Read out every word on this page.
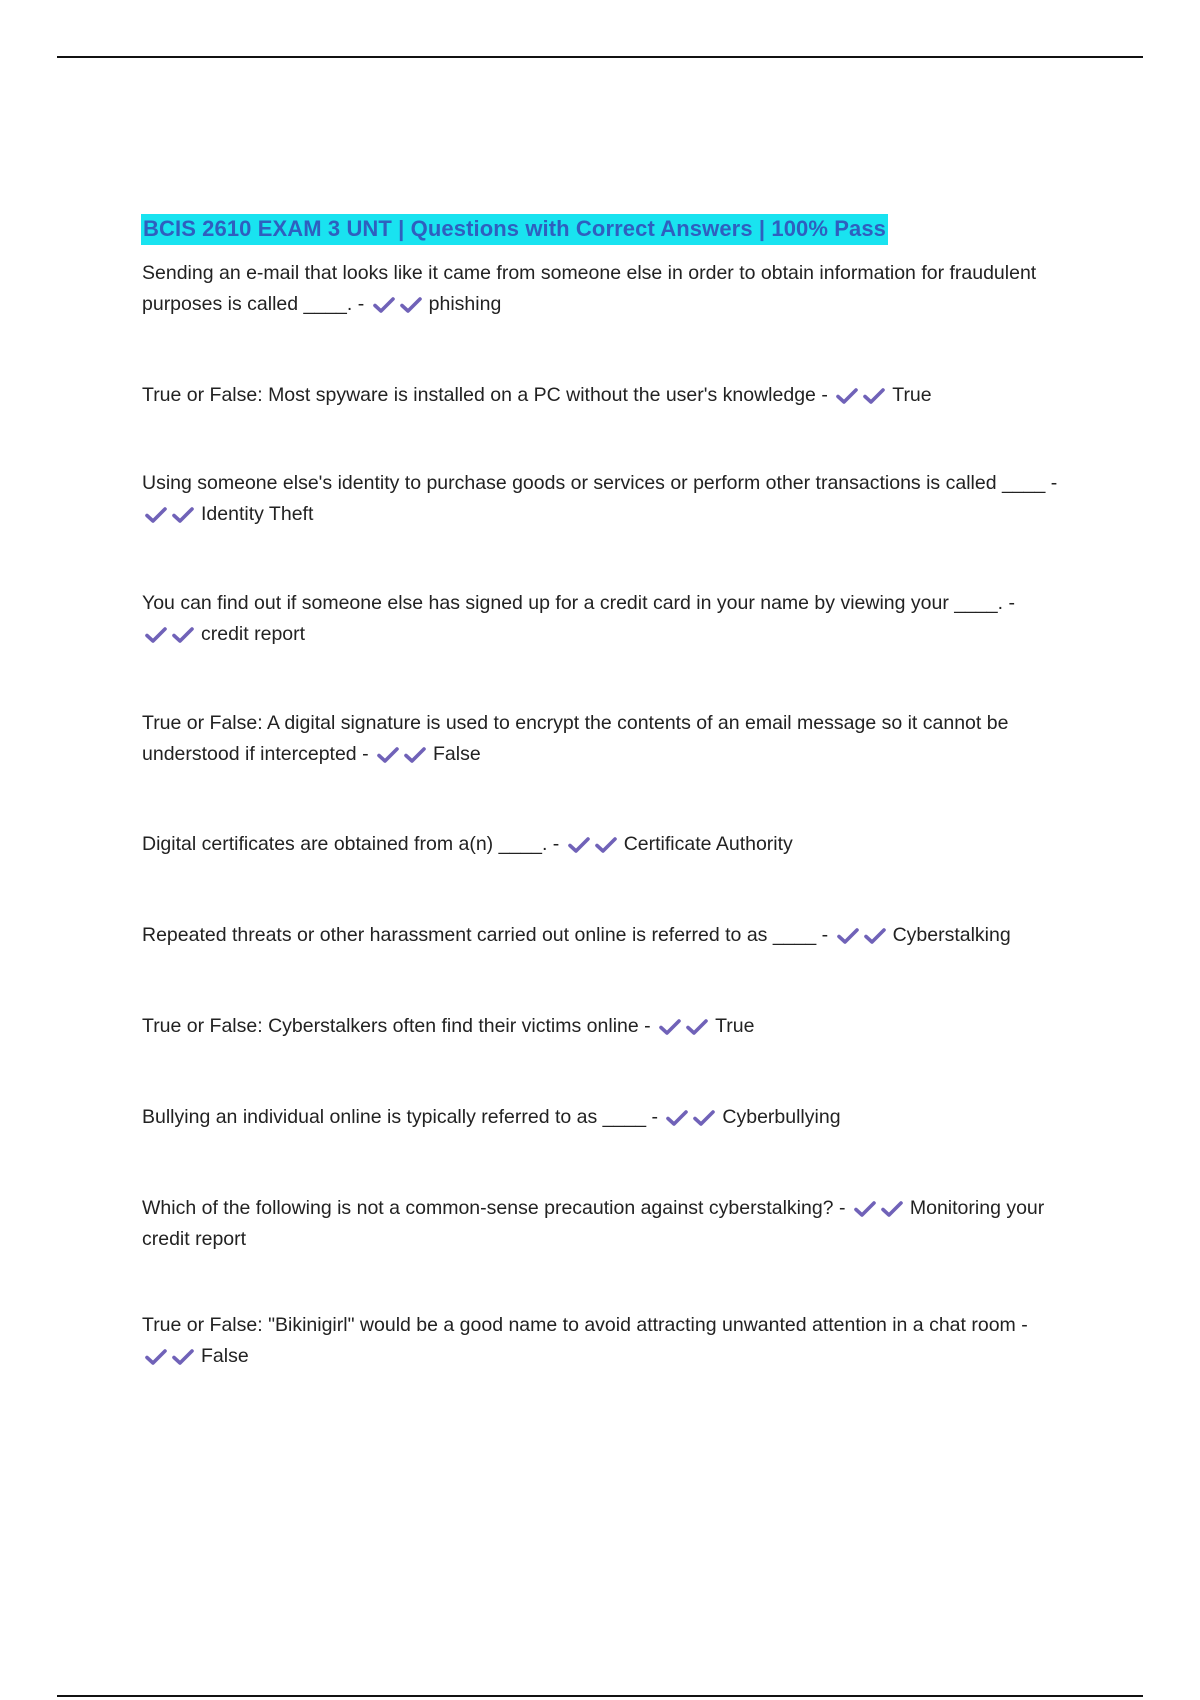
BCIS 2610 EXAM 3 UNT | Questions with Correct Answers | 100% Pass
Sending an e-mail that looks like it came from someone else in order to obtain information for fraudulent purposes is called ____. -	phishing
True or False: Most spyware is installed on a PC without the user's knowledge -	True
Using someone else's identity to purchase goods or services or perform other transactions is called ____ -
Identity Theft
You can find out if someone else has signed up for a credit card in your name by viewing your ____. -
credit report
True or False: A digital signature is used to encrypt the contents of an email message so it cannot be understood if intercepted -	False
Digital certificates are obtained from a(n) ____. -	Certificate Authority
Repeated threats or other harassment carried out online is referred to as ____ -	Cyberstalking
True or False: Cyberstalkers often find their victims online -	True
Bullying an individual online is typically referred to as ____ -	Cyberbullying
Which of the following is not a common-sense precaution against cyberstalking? -	Monitoring your credit report
True or False: "Bikinigirl" would be a good name to avoid attracting unwanted attention in a chat room -
False
